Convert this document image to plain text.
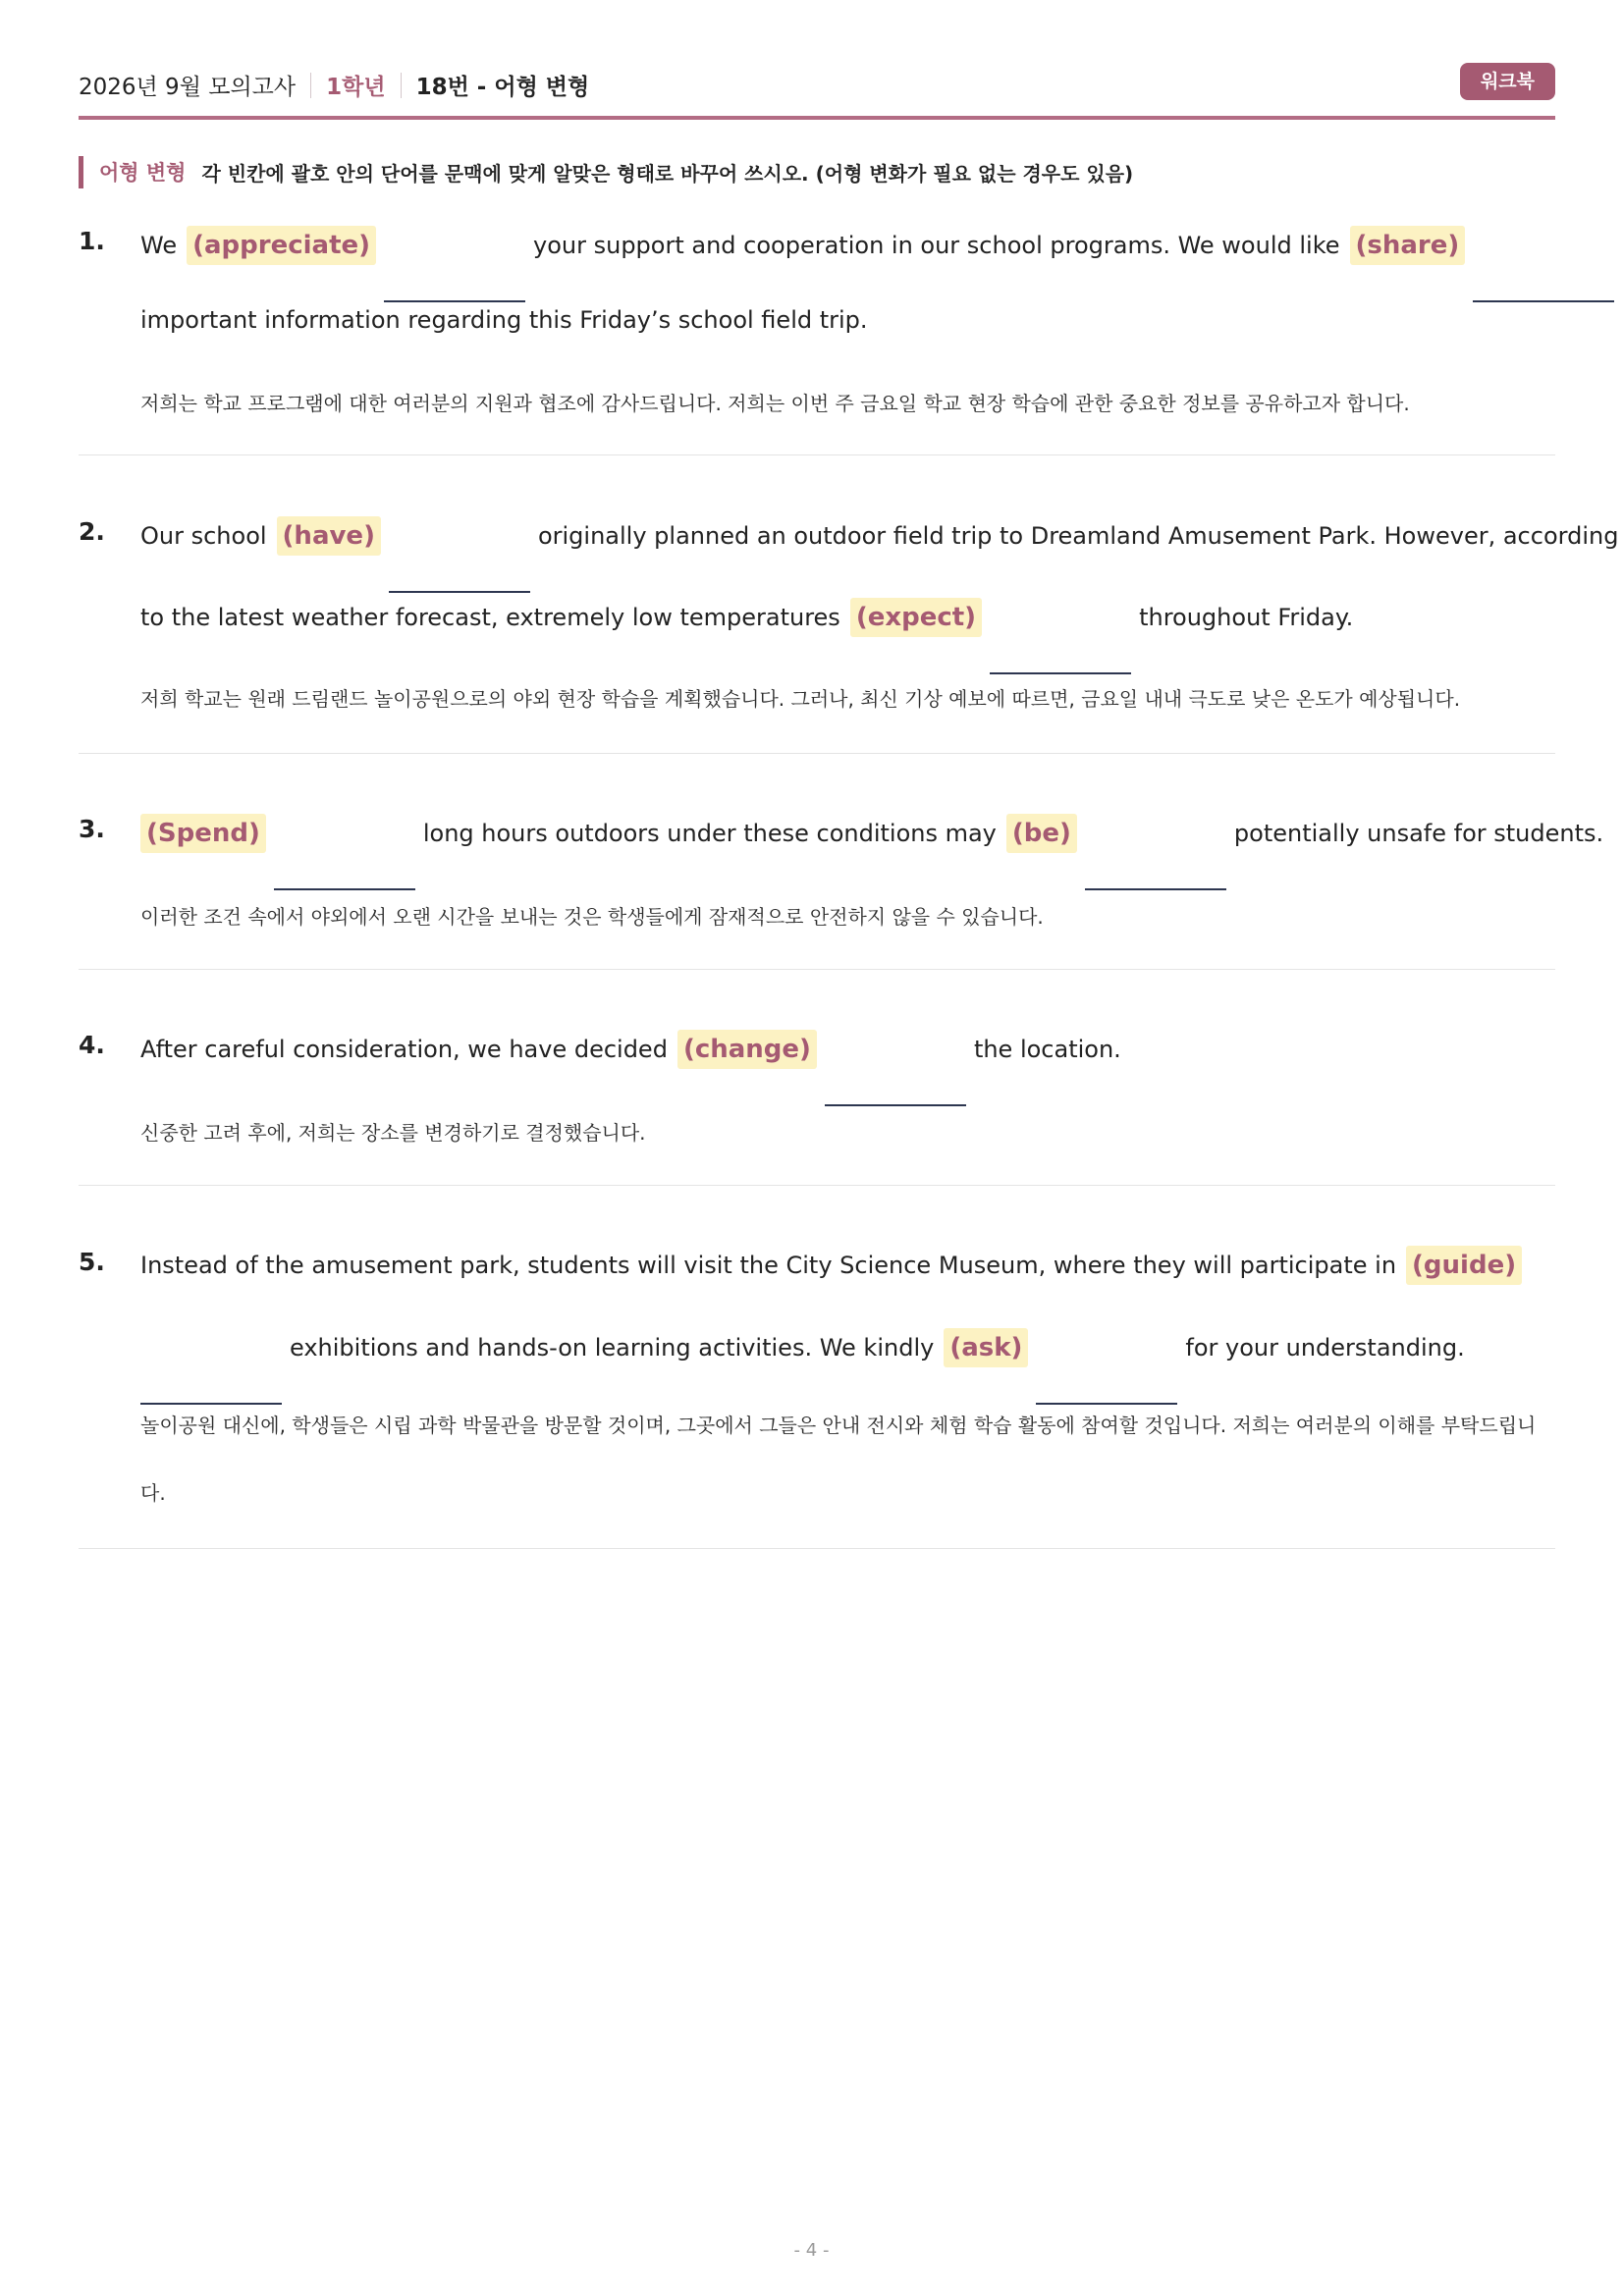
2026년 9월 모의고사 1학년 18번 - 어형 변형	워크북
어형 변형 각 빈칸에 괄호 안의 단어를 문맥에 맞게 알맞은 형태로 바꾸어 쓰시오. (어형 변화가 필요 없는 경우도 있음)
1. We (appreciate)	your support and cooperation in our school programs. We would like (share)
important information regarding this Friday’s school field trip.
저희는 학교 프로그램에 대한 여러분의 지원과 협조에 감사드립니다. 저희는 이번 주 금요일 학교 현장 학습에 관한 중요한 정보를 공유하고자 합니다.
2. Our school (have)	originally planned an outdoor field trip to Dreamland Amusement Park. However, according
to the latest weather forecast, extremely low temperatures (expect)	throughout Friday.
저희 학교는 원래 드림랜드 놀이공원으로의 야외 현장 학습을 계획했습니다. 그러나, 최신 기상 예보에 따르면, 금요일 내내 극도로 낮은 온도가 예상됩니다.
3. (Spend)	long hours outdoors under these conditions may (be)	potentially unsafe for students.
이러한 조건 속에서 야외에서 오랜 시간을 보내는 것은 학생들에게 잠재적으로 안전하지 않을 수 있습니다.
4. After careful consideration, we have decided (change)	the location.
신중한 고려 후에, 저희는 장소를 변경하기로 결정했습니다.
5. Instead of the amusement park, students will visit the City Science Museum, where they will participate in (guide)
exhibitions and hands-on learning activities. We kindly (ask)	for your understanding.
놀이공원 대신에, 학생들은 시립 과학 박물관을 방문할 것이며, 그곳에서 그들은 안내 전시와 체험 학습 활동에 참여할 것입니다. 저희는 여러분의 이해를 부탁드립니다.
- 4 -
